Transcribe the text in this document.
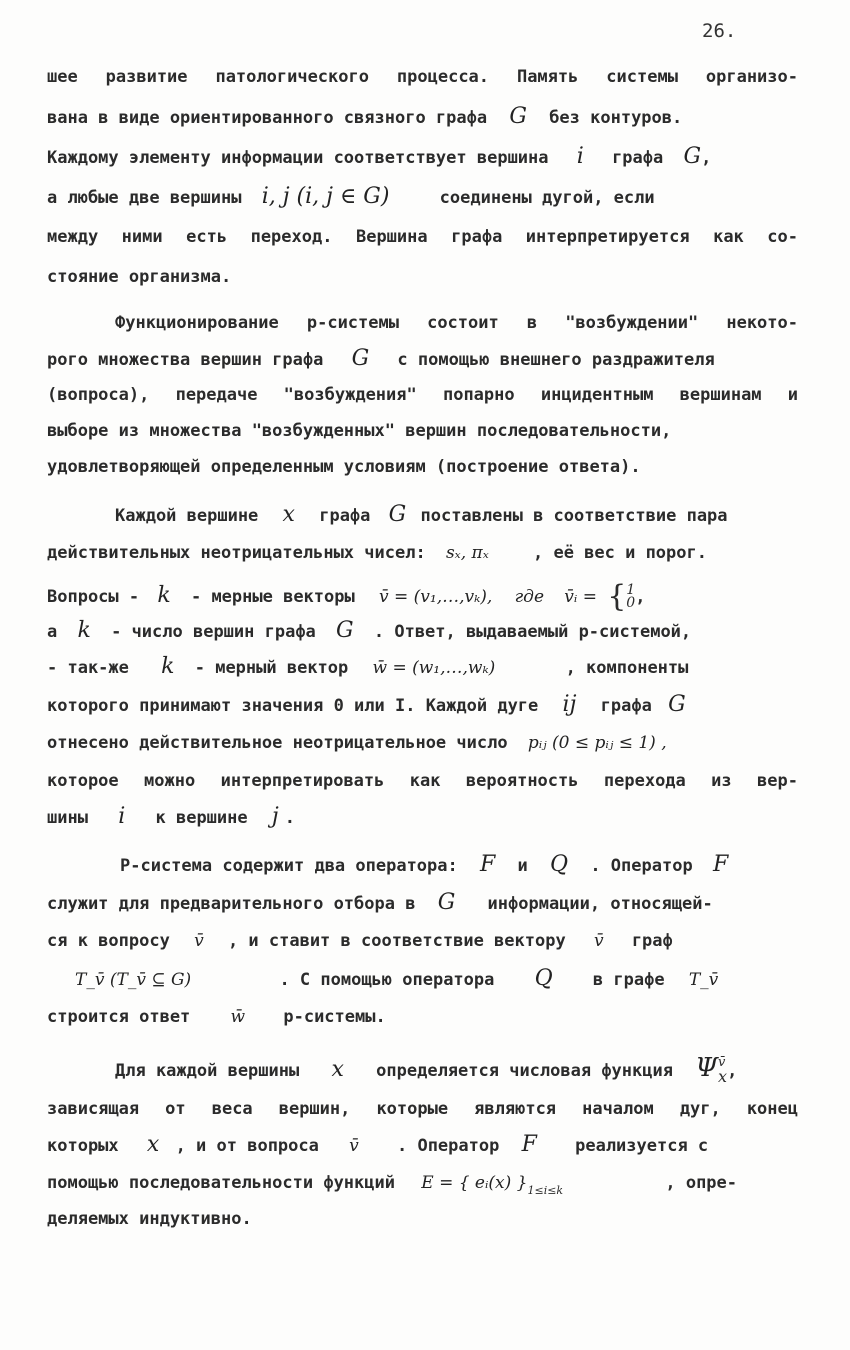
26.
шее развитие патологического процесса. Память системы организо-
вана в виде ориентированного связного графа G без контуров.
Каждому элементу информации соответствует вершина i графа G,
а любые две вершины i, j (i, j ∈ G)	соединены дугой, если
между ними есть переход. Вершина графа интерпретируется как со-
стояние организма.
Функционирование р-системы состоит в "возбуждении" некото-
рого множества вершин графа G с помощью внешнего раздражителя
(вопроса), передаче "возбуждения" попарно инцидентным вершинам и
выборе из множества "возбужденных" вершин последовательности,
удовлетворяющей определенным условиям (построение ответа).
Каждой вершине x графа G поставлены в соответствие пара
действительных неотрицательных чисел: sₓ, πₓ	, её вес и порог.
Вопросы - k - мерные векторы v̄ = (v₁,…,vₖ), где v̄ᵢ = {1
0,
а k - число вершин графа G . Ответ, выдаваемый р-системой,
- так-же k - мерный вектор w̄ = (w₁,…,wₖ)	, компоненты
которого принимают значения 0 или I. Каждой дуге ij графа G
отнесено действительное неотрицательное число pᵢⱼ (0 ≤ pᵢⱼ ≤ 1) ,
которое можно интерпретировать как вероятность перехода из вер-
шины i к вершине j .
Р-система содержит два оператора: F и Q . Оператор F
служит для предварительного отбора в G информации, относящей-
ся к вопросу v̄ , и ставит в соответствие вектору v̄ граф
T_v̄ (T_v̄ ⊆ G)	. С помощью оператора Q в графе T_v̄
строится ответ w̄ р-системы.
Для каждой вершины x определяется числовая функция Ψv̄
x,
зависящая от веса вершин, которые являются началом дуг, конец
которых x , и от вопроса v̄ . Оператор F реализуется с
помощью последовательности функций E = { eᵢ(x) }$_{1\le i\le k}$	, опре-
деляемых индуктивно.
